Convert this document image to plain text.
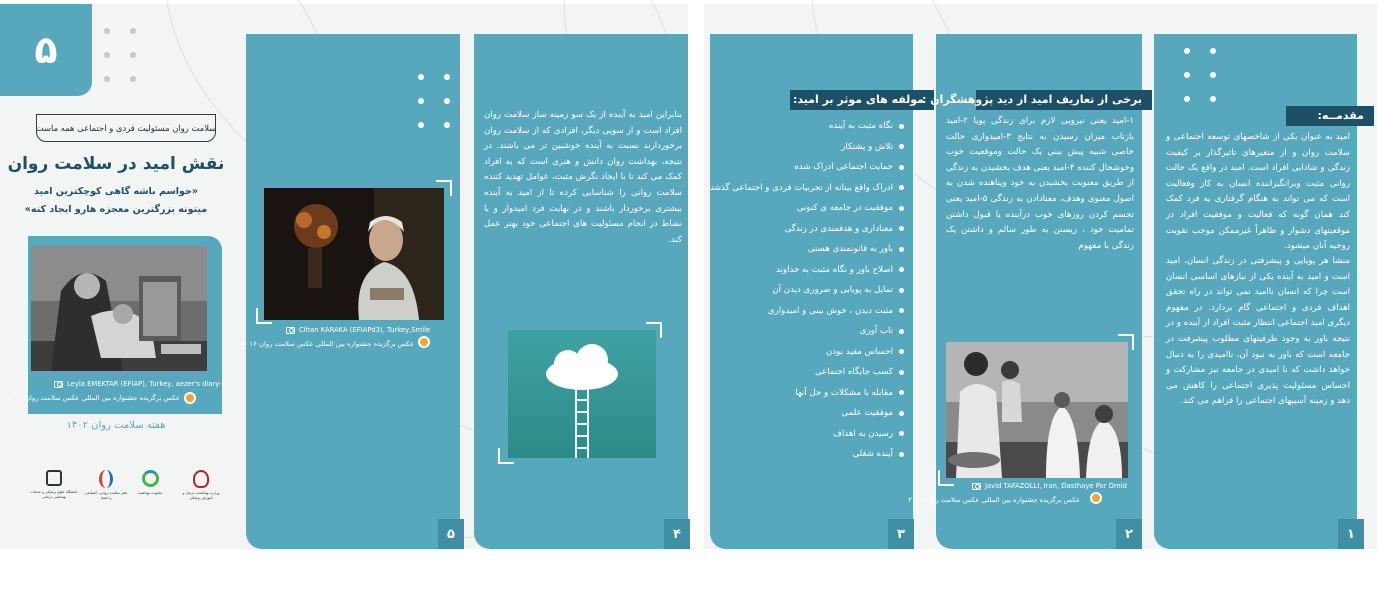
۵
سلامت روان مسئولیت فردی و اجتماعی همه ماست
نقش امید در سلامت روان
«حواسم باشه گاهی کوچکترین امید
میتونه بزرگترین معجزه هارو ایجاد کنه»
Leyla EMEKTAR (EFIAP), Turkey, aezer's diary-8
عکس برگزیده جشنواره بین المللی عکس سلامت روان ۲۰۱۶
هفته سلامت روان ۱۴۰۲
وزارت بهداشت، درمان و آموزش پزشکی
معاونت بهداشت
دفتر سلامت روانی، اجتماعی و اعتیاد
دانشگاه علوم پزشکی و خدمات بهداشتی درمانی
Cihan KARAKA (EFIAPd3), Turkey,Smile
عکس برگزیده جشنواره بین المللی عکس سلامت روان ۲۰۱۶
۵
بنابراین امید به آینده از یک سو زمینه ساز سلامت روان افراد است و از سویی دیگر، افرادی که از سلامت روان برخوردارند نسبت به آینده خوشبین تر می باشند. در نتیجه، بهداشت روان دانش و هنری است که به افراد کمک می کند تا با ایجاد نگرش مثبت، عوامل تهدید کننده سلامت روانی را شناسایی کرده تا از امید به آینده بیشتری برخوردار باشند و در نهایت فرد امیدوار و با نشاط در انجام مسئولیت های اجتماعی خود بهتر عمل کند.
۴	۳
مولفه های موثر بر امید:
نگاه مثبت به آینده
تلاش و پشتکار
حمایت اجتماعی ادراک شده
ادراک واقع بینانه از تجربیات فردی و اجتماعی گذشته
موفقیت در جامعه ی کنونی
معناداری و هدفمندی در زندگی
باور به قانونمندی هستی
اصلاح باور و نگاه مثبت به خداوند
تمایل به پویایی و ضروری دیدن آن
مثبت دیدن ، خوش بینی و امیدواری
تاب آوری
احساس مفید بودن
کسب جایگاه اجتماعی
مقابله با مشکلات و حل آنها
موفقیت علمی
رسیدن به اهداف
آینده شغلی
۱-امید یعنی نیرویی لازم برای زندگی پویا ۲-امید بازتاب میزان رسیدن به نتایج ۳-امیدواری حالت خاصی شبیه پیش بینی یک حالت وموقعیت خوب وخوشحال کننده ۴-امید یعنی هدف بخشیدن به زندگی از طریق معنویت بخشیدن به خود وپناهنده شدن به اصول معنوی وهدف، معنادادن به زندگی ۵-امید یعنی تجسم کردن روزهای خوب درآینده یا قبول داشتن تمامیت خود ، زیستن به طور سالم و داشتن یک زندگی با مفهوم
Javid TAFAZOLLI, Iran, Dasthaye Por Omid
عکس برگزیده جشنواره بین المللی عکس سلامت روان ۲۰۱۶
۲
برخی از تعاریف امید از دید پژوهشگران :
امید به عنوان یکی از شاخصهای توسعه اجتماعی و سلامت روان و از متغیرهای تاثیرگذار بر کیفیت زندگی و شادابی افراد است. امید در واقع یک حالت روانی مثبت وبرانگیزاننده انسان به کار وفعالیت است که می تواند به هنگام گرفتاری به فرد کمک کند همان گونه که فعالیت و موفقیت افراد در موقعیتهای دشوار و ظاهراً غیرممکن موجب تقویت روحیه آنان میشود.
منشا هر پویایی و پیشرفتی در زندگی انسان، امید است و امید به آینده یکی از نیازهای اساسی انسان است چرا که انسان ناامید نمی تواند در راه تحقق اهداف فردی و اجتماعی گام بردارد. در مفهوم دیگری امید اجتماعی انتظار مثبت افراد از آینده و در نتیجه باور به وجود ظرفیتهای مطلوب پیشرفت در جامعه است که باور به نبود آن، ناامیدی را به دنبال خواهد داشت که نا امیدی در جامعه نیز مشارکت و احساس مسئولیت پذیری اجتماعی را کاهش می دهد و زمینه آسیبهای اجتماعی را فراهم می کند.
۱
مقدمــه:
